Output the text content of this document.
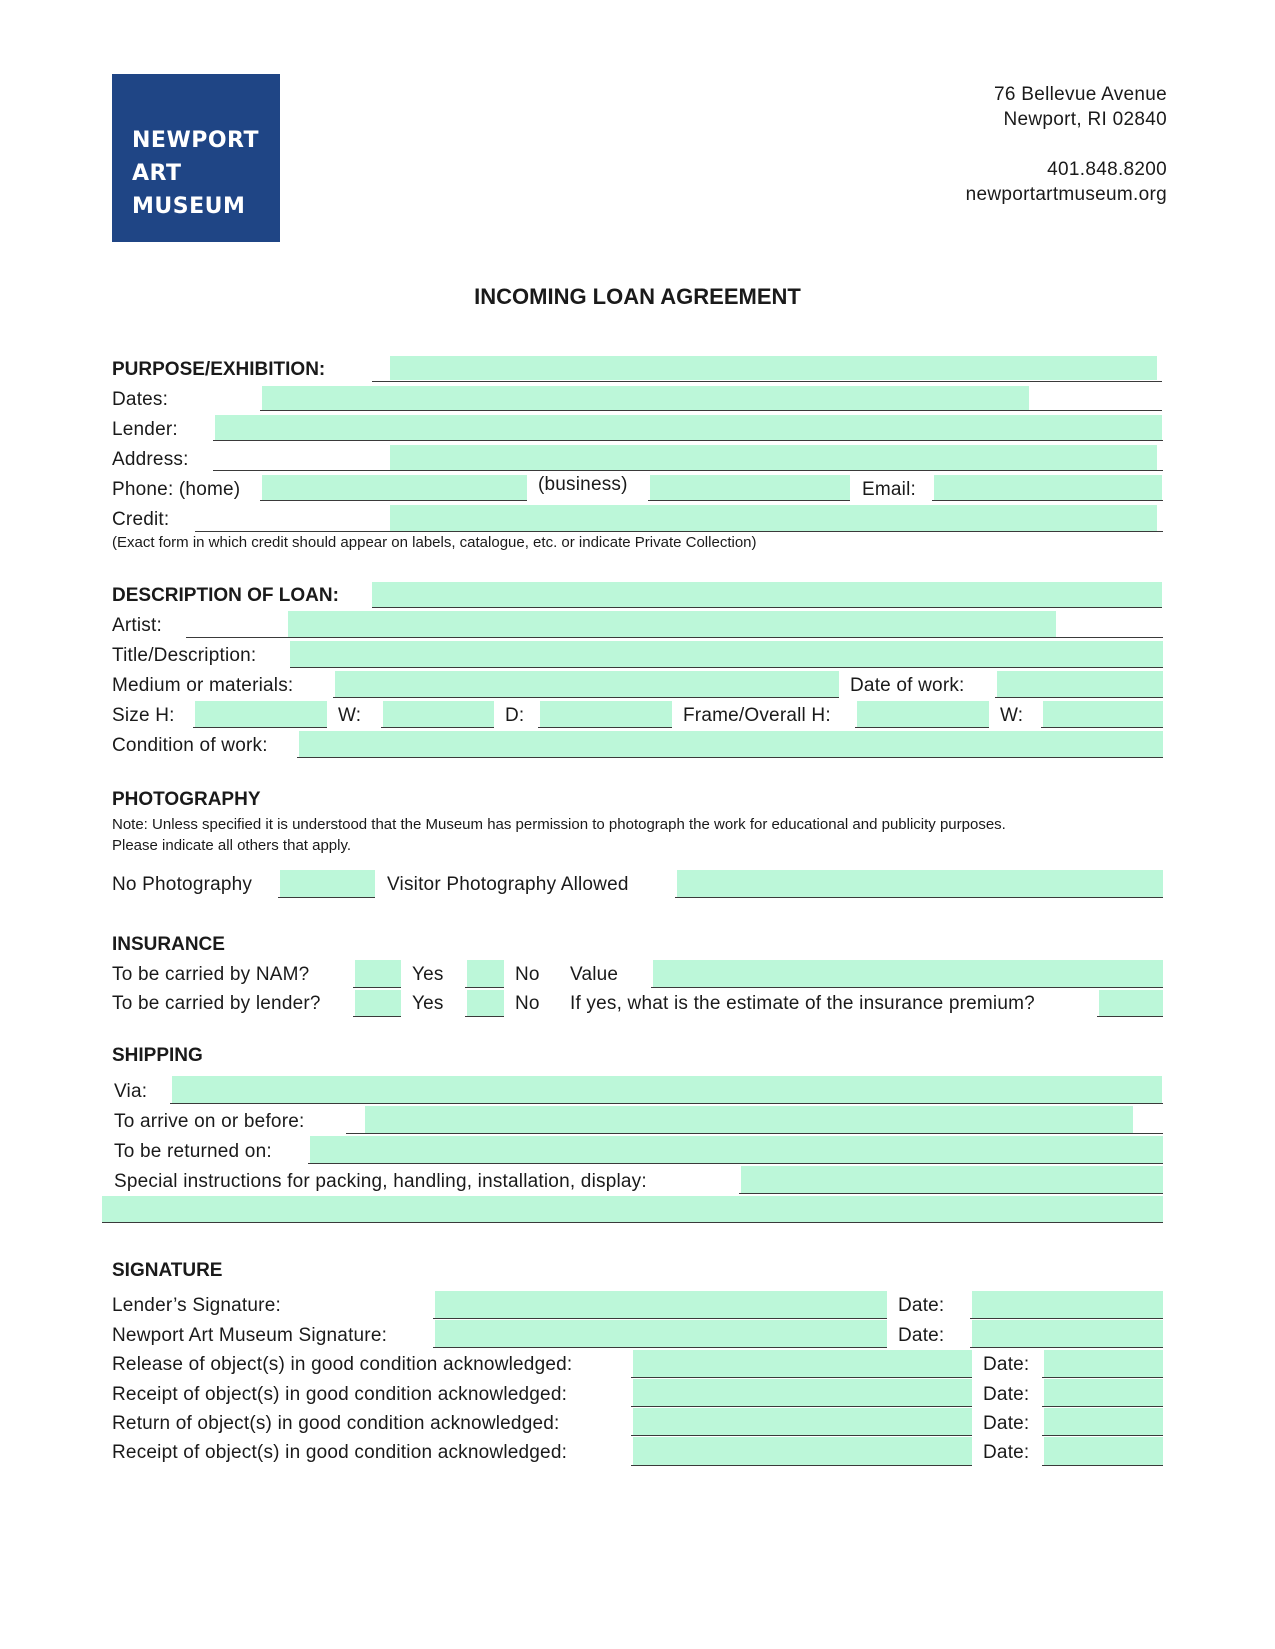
NEWPORT
ART
MUSEUM
76 Bellevue Avenue
Newport, RI 02840
401.848.8200
newportartmuseum.org
INCOMING LOAN AGREEMENT
PURPOSE/EXHIBITION:
Dates:
Lender:
Address:
Phone: (home)	(business)	Email:
Credit:
(Exact form in which credit should appear on labels, catalogue, etc. or indicate Private Collection)
DESCRIPTION OF LOAN:
Artist:
Title/Description:
Medium or materials:	Date of work:
Size H:	W:	D:	Frame/Overall H:	W:
Condition of work:
PHOTOGRAPHY
Note: Unless specified it is understood that the Museum has permission to photograph the work for educational and publicity purposes.
Please indicate all others that apply.
No Photography	Visitor Photography Allowed
INSURANCE
To be carried by NAM?	Yes	No Value
To be carried by lender?	Yes	No If yes, what is the estimate of the insurance premium?
SHIPPING
Via:
To arrive on or before:
To be returned on:
Special instructions for packing, handling, installation, display:
SIGNATURE
Lender’s Signature:	Date:
Newport Art Museum Signature:	Date:
Release of object(s) in good condition acknowledged:	Date:
Receipt of object(s) in good condition acknowledged:	Date:
Return of object(s) in good condition acknowledged:	Date:
Receipt of object(s) in good condition acknowledged:	Date:
